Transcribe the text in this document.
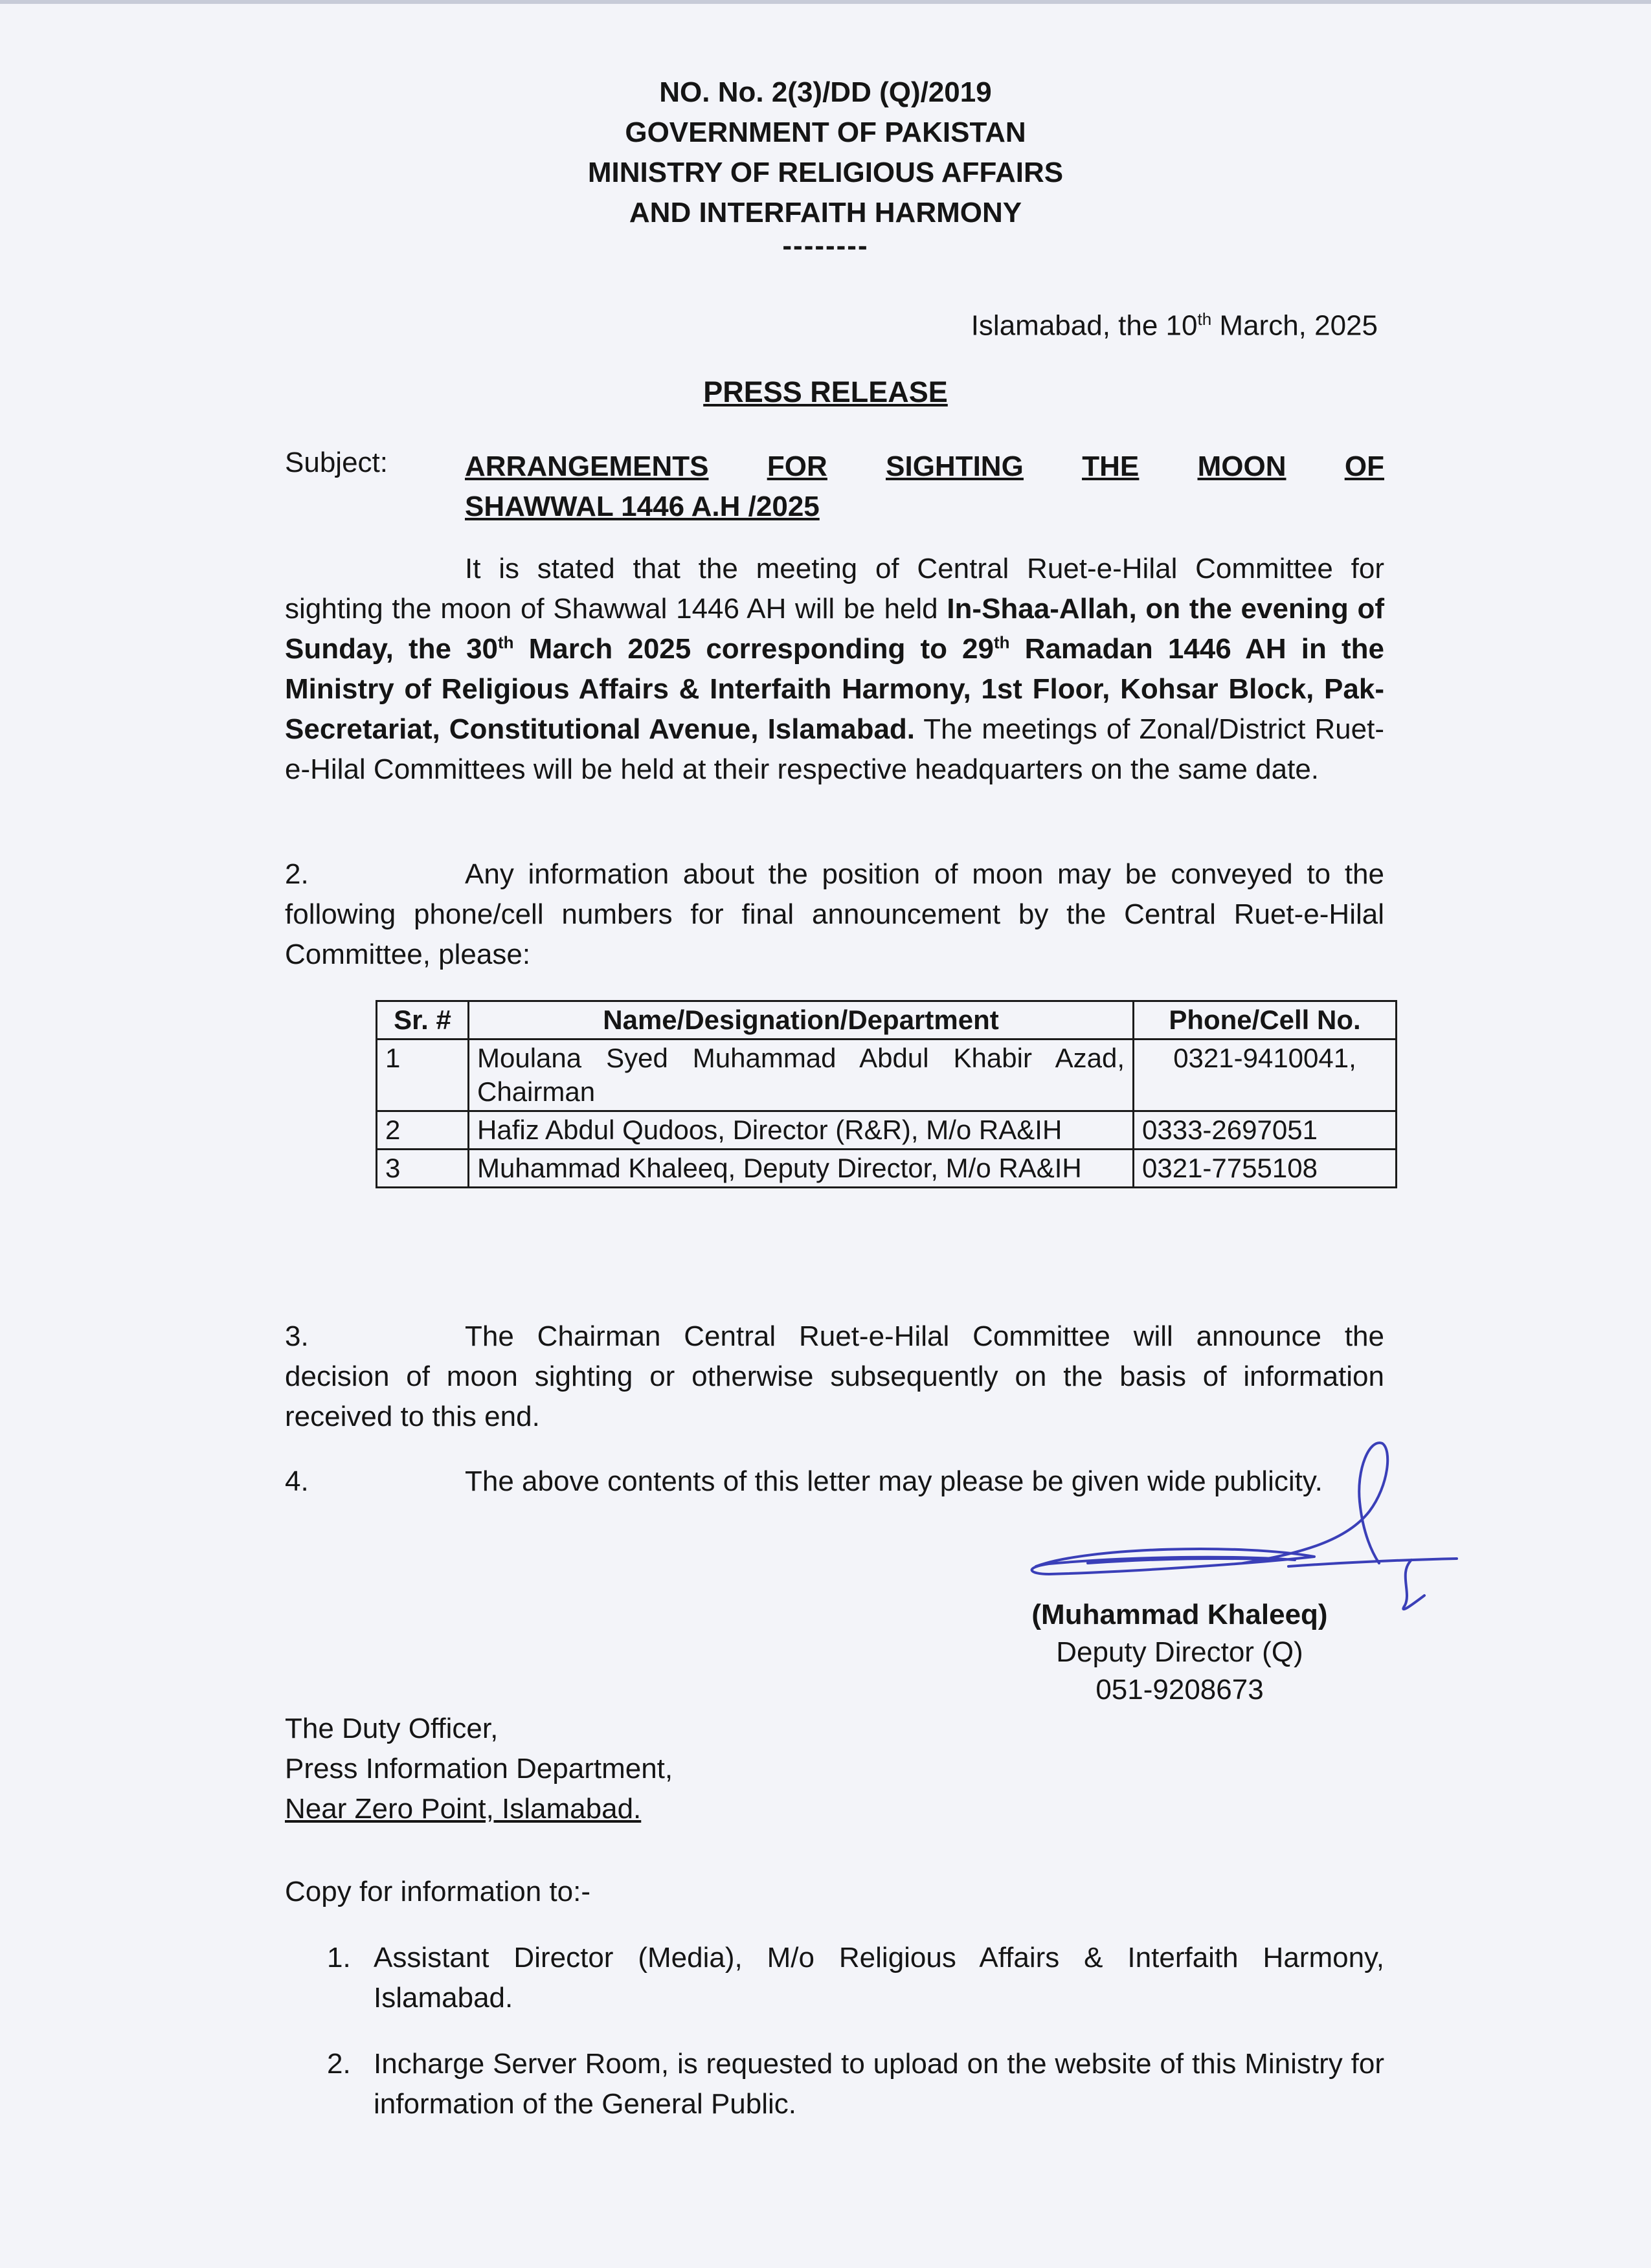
NO. No. 2(3)/DD (Q)/2019
GOVERNMENT OF PAKISTAN
MINISTRY OF RELIGIOUS AFFAIRS
AND INTERFAITH HARMONY
--------
Islamabad, the 10th March, 2025
PRESS RELEASE
Subject:	ARRANGEMENTS FOR SIGHTING THE MOON OF
SHAWWAL 1446 A.H /2025
It is stated that the meeting of Central Ruet-e-Hilal Committee for sighting the moon of Shawwal 1446 AH will be held In-Shaa-Allah, on the evening of Sunday, the 30th March 2025 corresponding to 29th Ramadan 1446 AH in the Ministry of Religious Affairs & Interfaith Harmony, 1st Floor, Kohsar Block, Pak-Secretariat, Constitutional Avenue, Islamabad. The meetings of Zonal/District Ruet-e-Hilal Committees will be held at their respective headquarters on the same date.
2.	Any information about the position of moon may be conveyed to the following phone/cell numbers for final announcement by the Central Ruet-e-Hilal Committee, please:
Sr. #	Name/Designation/Department	Phone/Cell No.
1	Moulana Syed Muhammad Abdul Khabir Azad, Chairman	0321-9410041,
2	Hafiz Abdul Qudoos, Director (R&R), M/o RA&IH	0333-2697051
3	Muhammad Khaleeq, Deputy Director, M/o RA&IH	0321-7755108
3.	The Chairman Central Ruet-e-Hilal Committee will announce the decision of moon sighting or otherwise subsequently on the basis of information received to this end.
4.	The above contents of this letter may please be given wide publicity.
(Muhammad Khaleeq)
Deputy Director (Q)
051-9208673
The Duty Officer,
Press Information Department,
Near Zero Point, Islamabad.
Copy for information to:-
1. Assistant Director (Media), M/o Religious Affairs & Interfaith Harmony, Islamabad.
2. Incharge Server Room, is requested to upload on the website of this Ministry for information of the General Public.
